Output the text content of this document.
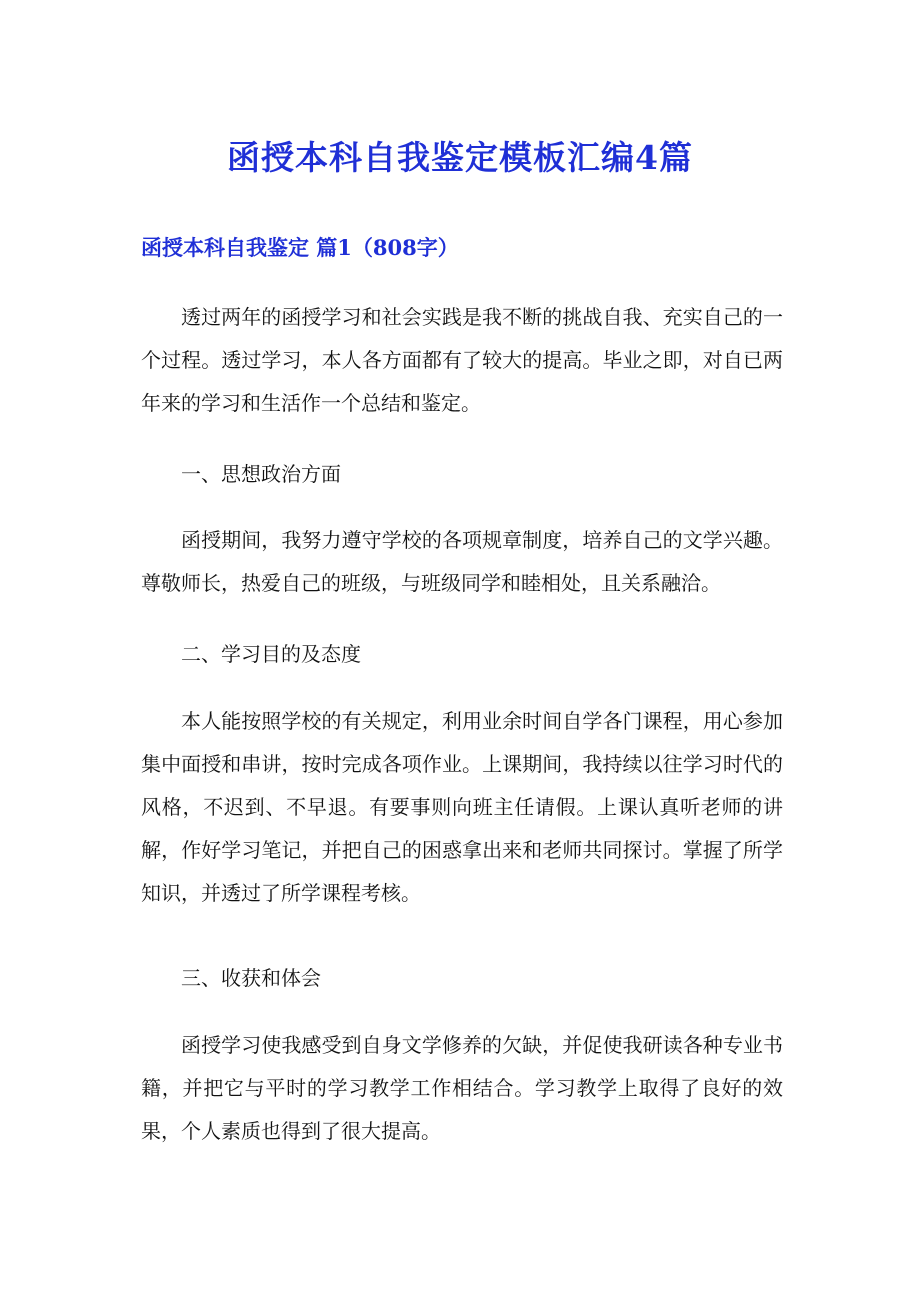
函授本科自我鉴定模板汇编4篇
函授本科自我鉴定 篇1（808字）

透过两年的函授学习和社会实践是我不断的挑战自我、充实自己的一个过程。透过学习，本人各方面都有了较大的提高。毕业之即，对自已两年来的学习和生活作一个总结和鉴定。

一、思想政治方面

函授期间，我努力遵守学校的各项规章制度，培养自己的文学兴趣。尊敬师长，热爱自己的班级，与班级同学和睦相处，且关系融洽。

二、学习目的及态度

本人能按照学校的有关规定，利用业余时间自学各门课程，用心参加集中面授和串讲，按时完成各项作业。上课期间，我持续以往学习时代的风格，不迟到、不早退。有要事则向班主任请假。上课认真听老师的讲解，作好学习笔记，并把自己的困惑拿出来和老师共同探讨。掌握了所学知识，并透过了所学课程考核。

三、收获和体会

函授学习使我感受到自身文学修养的欠缺，并促使我研读各种专业书籍，并把它与平时的学习教学工作相结合。学习教学上取得了良好的效果，个人素质也得到了很大提高。
